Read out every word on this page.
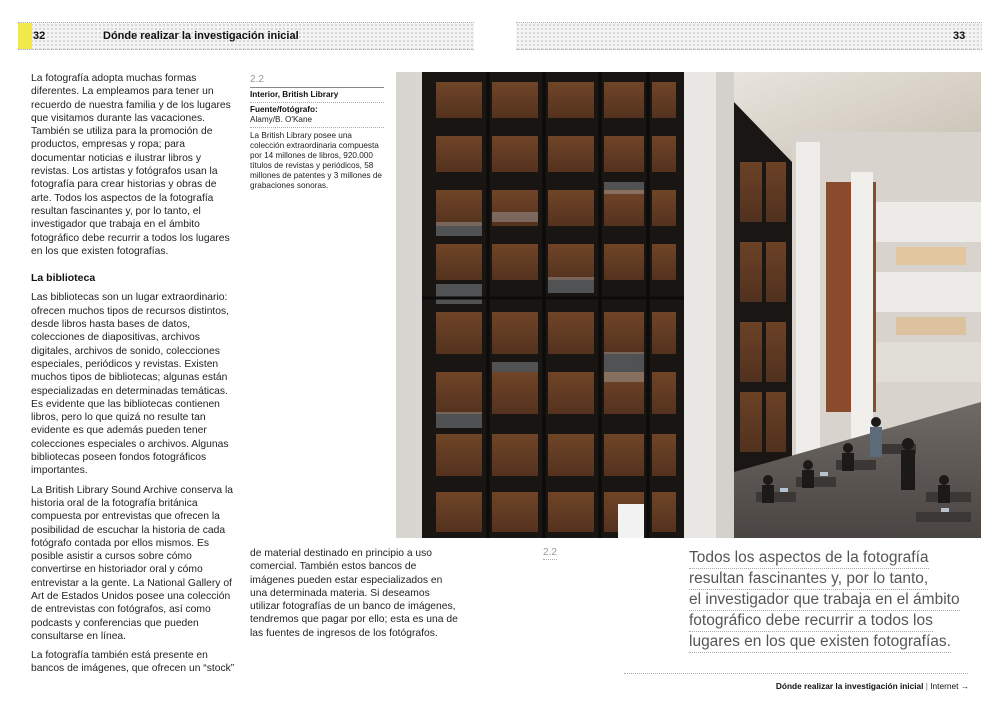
32	Dónde realizar la investigación inicial	33

La fotografía adopta muchas formas diferentes. La empleamos para tener un recuerdo de nuestra familia y de los lugares que visitamos durante las vacaciones. También se utiliza para la promoción de productos, empresas y ropa; para documentar noticias e ilustrar libros y revistas. Los artistas y fotógrafos usan la fotografía para crear historias y obras de arte. Todos los aspectos de la fotografía resultan fascinantes y, por lo tanto, el investigador que trabaja en el ámbito fotográfico debe recurrir a todos los lugares en los que existen fotografías.

La biblioteca

Las bibliotecas son un lugar extraordinario: ofrecen muchos tipos de recursos distintos, desde libros hasta bases de datos, colecciones de diapositivas, archivos digitales, archivos de sonido, colecciones especiales, periódicos y revistas. Existen muchos tipos de bibliotecas; algunas están especializadas en determinadas temáticas. Es evidente que las bibliotecas contienen libros, pero lo que quizá no resulte tan evidente es que además pueden tener colecciones especiales o archivos. Algunas bibliotecas poseen fondos fotográficos importantes.

La British Library Sound Archive conserva la historia oral de la fotografía británica compuesta por entrevistas que ofrecen la posibilidad de escuchar la historia de cada fotógrafo contada por ellos mismos. Es posible asistir a cursos sobre cómo convertirse en historiador oral y cómo entrevistar a la gente. La National Gallery of Art de Estados Unidos posee una colección de entrevistas con fotógrafos, así como podcasts y conferencias que pueden consultarse en línea.

La fotografía también está presente en bancos de imágenes, que ofrecen un “stock”

2.2
Interior, British Library
Fuente/fotógrafo:
Alamy/B. O'Kane
La British Library posee una colección extraordinaria compuesta por 14 millones de libros, 920.000 títulos de revistas y periódicos, 58 millones de patentes y 3 millones de grabaciones sonoras.

de material destinado en principio a uso comercial. También estos bancos de imágenes pueden estar especializados en una determinada materia. Si deseamos utilizar fotografías de un banco de imágenes, tendremos que pagar por ello; esta es una de las fuentes de ingresos de los fotógrafos.

2.2	Todos los aspectos de la fotografía
resultan fascinantes y, por lo tanto,
el investigador que trabaja en el ámbito
fotográfico debe recurrir a todos los
lugares en los que existen fotografías.
Dónde realizar la investigación inicial | Internet →
